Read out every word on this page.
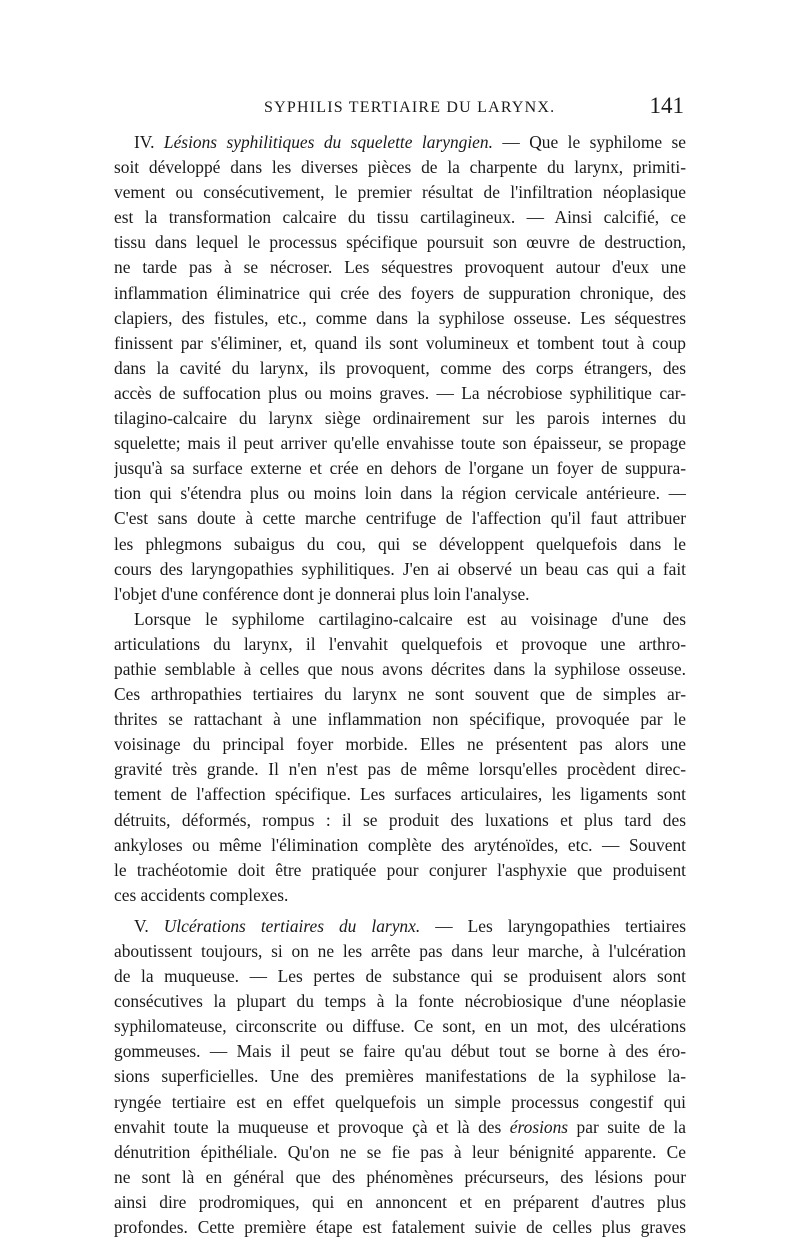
SYPHILIS TERTIAIRE DU LARYNX.	141
IV. Lésions syphilitiques du squelette laryngien. — Que le syphilome se
soit développé dans les diverses pièces de la charpente du larynx, primiti-
vement ou consécutivement, le premier résultat de l'infiltration néoplasique
est la transformation calcaire du tissu cartilagineux. — Ainsi calcifié, ce
tissu dans lequel le processus spécifique poursuit son œuvre de destruction,
ne tarde pas à se nécroser. Les séquestres provoquent autour d'eux une
inflammation éliminatrice qui crée des foyers de suppuration chronique, des
clapiers, des fistules, etc., comme dans la syphilose osseuse. Les séquestres
finissent par s'éliminer, et, quand ils sont volumineux et tombent tout à coup
dans la cavité du larynx, ils provoquent, comme des corps étrangers, des
accès de suffocation plus ou moins graves. — La nécrobiose syphilitique car-
tilagino-calcaire du larynx siège ordinairement sur les parois internes du
squelette; mais il peut arriver qu'elle envahisse toute son épaisseur, se propage
jusqu'à sa surface externe et crée en dehors de l'organe un foyer de suppura-
tion qui s'étendra plus ou moins loin dans la région cervicale antérieure. —
C'est sans doute à cette marche centrifuge de l'affection qu'il faut attribuer
les phlegmons subaigus du cou, qui se développent quelquefois dans le
cours des laryngopathies syphilitiques. J'en ai observé un beau cas qui a fait
l'objet d'une conférence dont je donnerai plus loin l'analyse.
Lorsque le syphilome cartilagino-calcaire est au voisinage d'une des
articulations du larynx, il l'envahit quelquefois et provoque une arthro-
pathie semblable à celles que nous avons décrites dans la syphilose osseuse.
Ces arthropathies tertiaires du larynx ne sont souvent que de simples ar-
thrites se rattachant à une inflammation non spécifique, provoquée par le
voisinage du principal foyer morbide. Elles ne présentent pas alors une
gravité très grande. Il n'en n'est pas de même lorsqu'elles procèdent direc-
tement de l'affection spécifique. Les surfaces articulaires, les ligaments sont
détruits, déformés, rompus : il se produit des luxations et plus tard des
ankyloses ou même l'élimination complète des aryténoïdes, etc. — Souvent
le trachéotomie doit être pratiquée pour conjurer l'asphyxie que produisent
ces accidents complexes.
V. Ulcérations tertiaires du larynx. — Les laryngopathies tertiaires
aboutissent toujours, si on ne les arrête pas dans leur marche, à l'ulcération
de la muqueuse. — Les pertes de substance qui se produisent alors sont
consécutives la plupart du temps à la fonte nécrobiosique d'une néoplasie
syphilomateuse, circonscrite ou diffuse. Ce sont, en un mot, des ulcérations
gommeuses. — Mais il peut se faire qu'au début tout se borne à des éro-
sions superficielles. Une des premières manifestations de la syphilose la-
ryngée tertiaire est en effet quelquefois un simple processus congestif qui
envahit toute la muqueuse et provoque çà et là des érosions par suite de la
dénutrition épithéliale. Qu'on ne se fie pas à leur bénignité apparente. Ce
ne sont là en général que des phénomènes précurseurs, des lésions pour
ainsi dire prodromiques, qui en annoncent et en préparent d'autres plus
profondes. Cette première étape est fatalement suivie de celles plus graves
